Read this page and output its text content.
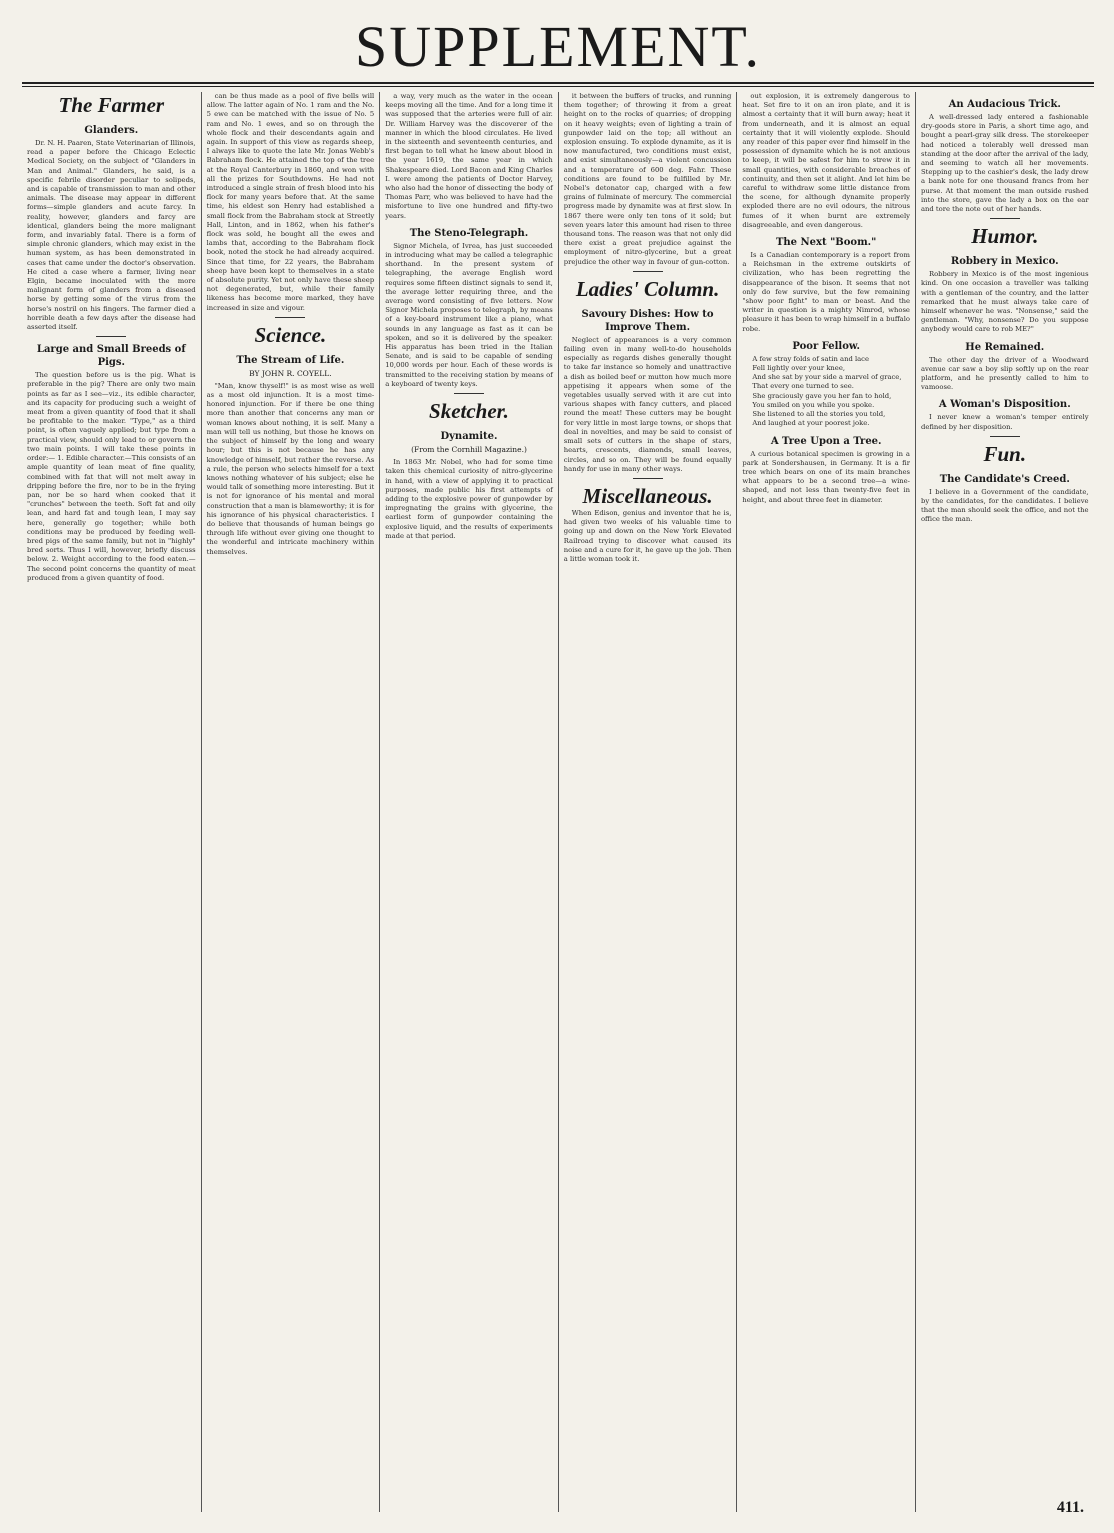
SUPPLEMENT.
The Farmer
Glanders.

Dr. N. H. Paaren, State Veterinarian of Illinois, read a paper before the Chicago Eclectic Medical Society, on the subject of "Glanders in Man and Animal." Glanders, he said, is a specific febrile disorder peculiar to solipeds, and is capable of transmission to man and other animals. The disease may appear in different forms—simple glanders and acute farcy. In reality, however, glanders and farcy are identical, glanders being the more malignant form, and invariably fatal. There is a form of simple chronic glanders, which may exist in the human system, as has been demonstrated in cases that came under the doctor's observation. He cited a case where a farmer, living near Elgin, became inoculated with the more malignant form of glanders from a diseased horse by getting some of the virus from the horse's nostril on his fingers. The farmer died a horrible death a few days after the disease had asserted itself.

Large and Small Breeds of Pigs.

The question before us is the pig. What is preferable in the pig? There are only two main points as far as I see—viz., its edible character, and its capacity for producing such a weight of meat from a given quantity of food that it shall be profitable to the maker. "Type," as a third point, is often vaguely applied; but type from a practical view, should only lead to or govern the two main points. I will take these points in order:— 1. Edible character.—This consists of an ample quantity of lean meat of fine quality, combined with fat that will not melt away in dripping before the fire, nor to be in the frying pan, nor be so hard when cooked that it "crunches" between the teeth. Soft fat and oily lean, and hard fat and tough lean, I may say here, generally go together; while both conditions may be produced by feeding well-bred pigs of the same family, but not in "highly" bred sorts. Thus I will, however, briefly discuss below. 2. Weight according to the food eaten.—The second point concerns the quantity of meat produced from a given quantity of food.

can be thus made as a pool of five bells will allow. The latter again of No. 1 ram and the No. 5 ewe can be matched with the issue of No. 5 ram and No. 1 ewes, and so on through the whole flock and their descendants again and again. In support of this view as regards sheep, I always like to quote the late Mr. Jonas Webb's Babraham flock. He attained the top of the tree at the Royal Canterbury in 1860, and won with all the prizes for Southdowns. He had not introduced a single strain of fresh blood into his flock for many years before that. At the same time, his eldest son Henry had established a small flock from the Babraham stock at Streetly Hall, Linton, and in 1862, when his father's flock was sold, he bought all the ewes and lambs that, according to the Babraham flock book, noted the stock he had already acquired. Since that time, for 22 years, the Babraham sheep have been kept to themselves in a state of absolute purity. Yet not only have these sheep not degenerated, but, while their family likeness has become more marked, they have increased in size and vigour.

Science.
The Stream of Life.
BY JOHN R. COYELL.

"Man, know thyself!" is as most wise as well as a most old injunction. It is a most time-honored injunction. For if there be one thing more than another that concerns any man or woman knows about nothing, it is self. Many a man will tell us nothing, but those he knows on the subject of himself by the long and weary hour; but this is not because he has any knowledge of himself, but rather the reverse. As a rule, the person who selects himself for a text knows nothing whatever of his subject; else he would talk of something more interesting. But it is not for ignorance of his mental and moral construction that a man is blameworthy; it is for his ignorance of his physical characteristics. I do believe that thousands of human beings go through life without ever giving one thought to the wonderful and intricate machinery within themselves.

a way, very much as the water in the ocean keeps moving all the time. And for a long time it was supposed that the arteries were full of air. Dr. William Harvey was the discoverer of the manner in which the blood circulates. He lived in the sixteenth and seventeenth centuries, and first began to tell what he knew about blood in the year 1619, the same year in which Shakespeare died. Lord Bacon and King Charles I. were among the patients of Doctor Harvey, who also had the honor of dissecting the body of Thomas Parr, who was believed to have had the misfortune to live one hundred and fifty-two years.

The Steno-Telegraph.

Signor Michela, of Ivrea, has just succeeded in introducing what may be called a telegraphic shorthand. In the present system of telegraphing, the average English word requires some fifteen distinct signals to send it, the average letter requiring three, and the average word consisting of five letters. Now Signor Michela proposes to telegraph, by means of a key-board instrument like a piano, what sounds in any language as fast as it can be spoken, and so it is delivered by the speaker. His apparatus has been tried in the Italian Senate, and is said to be capable of sending 10,000 words per hour. Each of these words is transmitted to the receiving station by means of a keyboard of twenty keys.

Sketcher.
Dynamite.
(From the Cornhill Magazine.)

In 1863 Mr. Nobel, who had for some time taken this chemical curiosity of nitro-glycerine in hand, with a view of applying it to practical purposes, made public his first attempts of adding to the explosive power of gunpowder by impregnating the grains with glycerine, the earliest form of gunpowder containing the explosive liquid, and the results of experiments made at that period.

it between the buffers of trucks, and running them together; of throwing it from a great height on to the rocks of quarries; of dropping on it heavy weights; even of lighting a train of gunpowder laid on the top; all without an explosion ensuing. To explode dynamite, as it is now manufactured, two conditions must exist, and exist simultaneously—a violent concussion and a temperature of 600 deg. Fahr. These conditions are found to be fulfilled by Mr. Nobel's detonator cap, charged with a few grains of fulminate of mercury. The commercial progress made by dynamite was at first slow. In 1867 there were only ten tons of it sold; but seven years later this amount had risen to three thousand tons. The reason was that not only did there exist a great prejudice against the employment of nitro-glycerine, but a great prejudice the other way in favour of gun-cotton.

Ladies' Column.
Savoury Dishes: How to Improve Them.

Neglect of appearances is a very common failing even in many well-to-do households especially as regards dishes generally thought to take far instance so homely and unattractive a dish as boiled beef or mutton how much more appetising it appears when some of the vegetables usually served with it are cut into various shapes with fancy cutters, and placed round the meat! These cutters may be bought for very little in most large towns, or shops that deal in novelties, and may be said to consist of small sets of cutters in the shape of stars, hearts, crescents, diamonds, small leaves, circles, and so on. They will be found equally handy for use in many other ways.

Miscellaneous.

When Edison, genius and inventor that he is, had given two weeks of his valuable time to going up and down on the New York Elevated Railroad trying to discover what caused its noise and a cure for it, he gave up the job. Then a little woman took it.

out explosion, it is extremely dangerous to heat. Set fire to it on an iron plate, and it is almost a certainty that it will burn away; heat it from underneath, and it is almost an equal certainty that it will violently explode. Should any reader of this paper ever find himself in the possession of dynamite which he is not anxious to keep, it will be safest for him to strew it in small quantities, with considerable breaches of continuity, and then set it alight. And let him be careful to withdraw some little distance from the scene, for although dynamite properly exploded there are no evil odours, the nitrous fumes of it when burnt are extremely disagreeable, and even dangerous.

The Next "Boom."

Is a Canadian contemporary is a report from a Reichsman in the extreme outskirts of civilization, who has been regretting the disappearance of the bison. It seems that not only do few survive, but the few remaining "show poor fight" to man or beast. And the writer in question is a mighty Nimrod, whose pleasure it has been to wrap himself in a buffalo robe.

Poor Fellow.
A few stray folds of satin and lace
Fell lightly over your knee,
And she sat by your side a marvel of grace,
That every one turned to see.
She graciously gave you her fan to hold,
You smiled on you while you spoke.
She listened to all the stories you told,
And laughed at your poorest joke.
A Tree Upon a Tree.

A curious botanical specimen is growing in a park at Sondershausen, in Germany. It is a fir tree which bears on one of its main branches what appears to be a second tree—a wine-shaped, and not less than twenty-five feet in height, and about three feet in diameter.

An Audacious Trick.

A well-dressed lady entered a fashionable dry-goods store in Paris, a short time ago, and bought a pearl-gray silk dress. The storekeeper had noticed a tolerably well dressed man standing at the door after the arrival of the lady, and seeming to watch all her movements. Stepping up to the cashier's desk, the lady drew a bank note for one thousand francs from her purse. At that moment the man outside rushed into the store, gave the lady a box on the ear and tore the note out of her hands.

Humor.
Robbery in Mexico.

Robbery in Mexico is of the most ingenious kind. On one occasion a traveller was talking with a gentleman of the country, and the latter remarked that he must always take care of himself whenever he was. "Nonsense," said the gentleman. "Why, nonsense? Do you suppose anybody would care to rob ME?"

He Remained.

The other day the driver of a Woodward avenue car saw a boy slip softly up on the rear platform, and he presently called to him to vamoose.

A Woman's Disposition.

I never knew a woman's temper entirely defined by her disposition.

Fun.
The Candidate's Creed.

I believe in a Government of the candidate, by the candidates, for the candidates. I believe that the man should seek the office, and not the office the man.

411.
